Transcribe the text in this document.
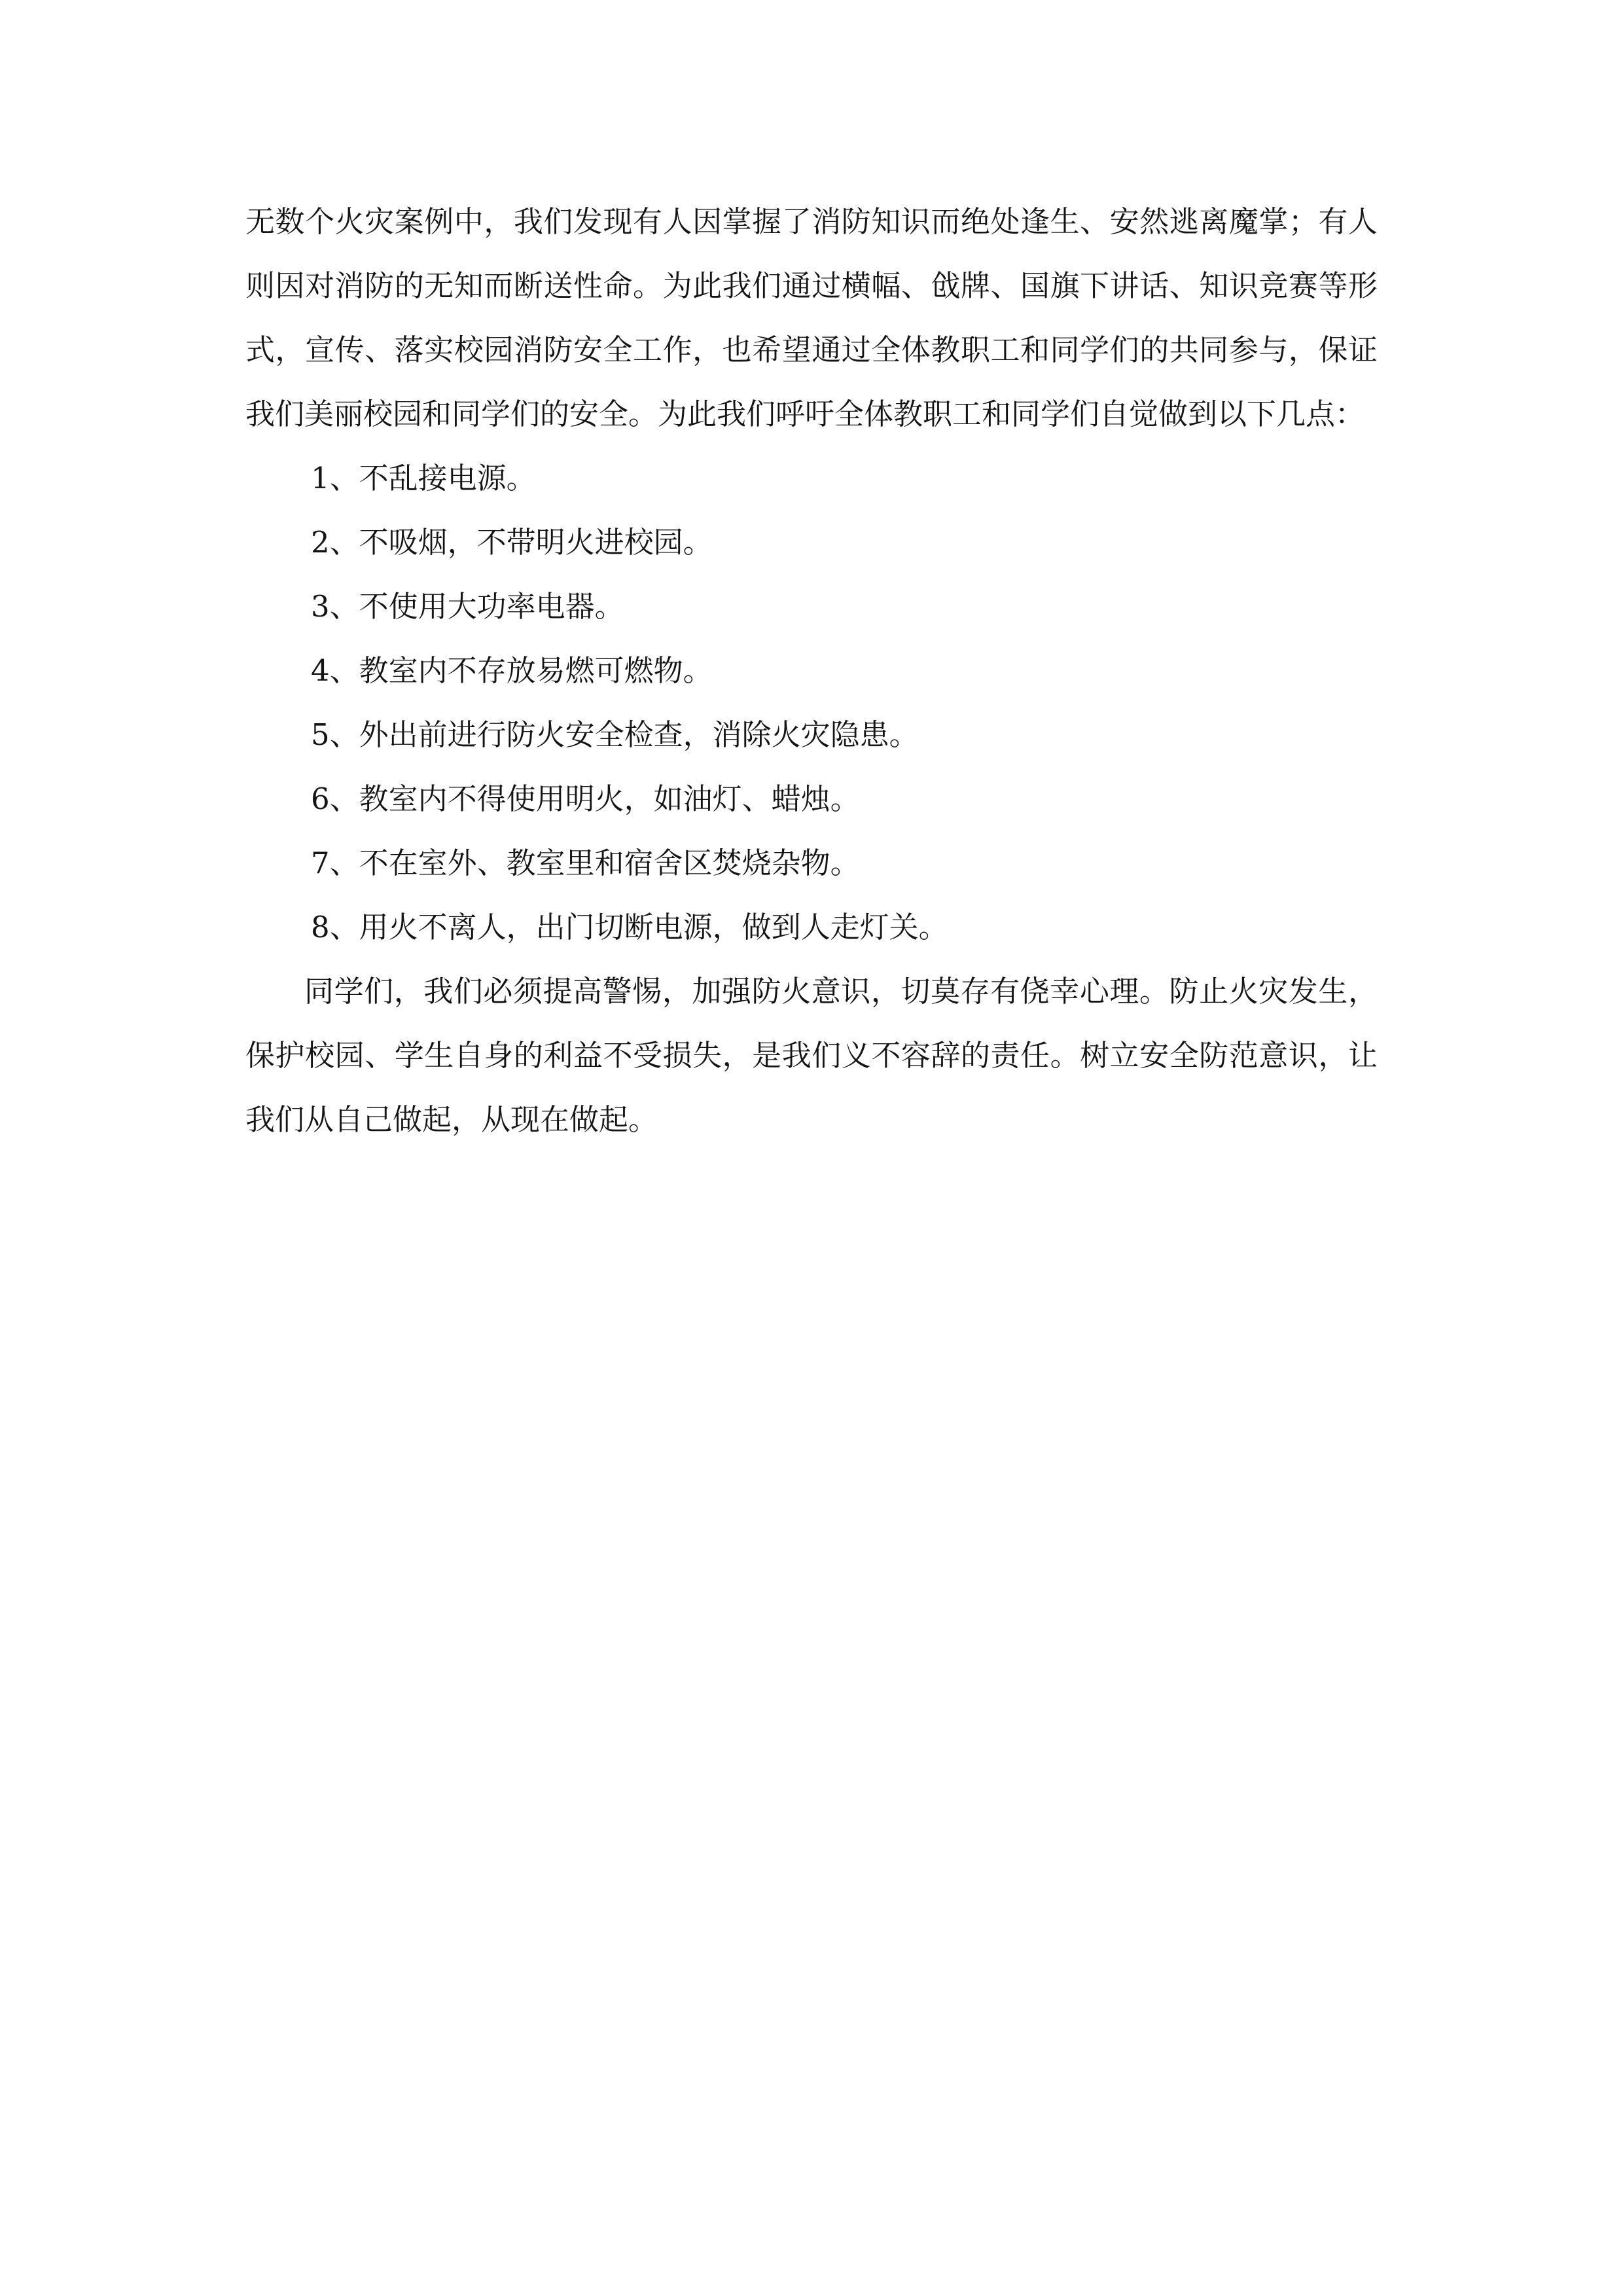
无数个火灾案例中，我们发现有人因掌握了消防知识而绝处逢生、安然逃离魔掌；有人则因对消防的无知而断送性命。为此我们通过横幅、戗牌、国旗下讲话、知识竞赛等形式，宣传、落实校园消防安全工作，也希望通过全体教职工和同学们的共同参与，保证我们美丽校园和同学们的安全。为此我们呼吁全体教职工和同学们自觉做到以下几点：

1、不乱接电源。
2、不吸烟，不带明火进校园。
3、不使用大功率电器。
4、教室内不存放易燃可燃物。
5、外出前进行防火安全检查，消除火灾隐患。
6、教室内不得使用明火，如油灯、蜡烛。
7、不在室外、教室里和宿舍区焚烧杂物。
8、用火不离人，出门切断电源，做到人走灯关。

同学们，我们必须提高警惕，加强防火意识，切莫存有侥幸心理。防止火灾发生，保护校园、学生自身的利益不受损失，是我们义不容辞的责任。树立安全防范意识，让我们从自己做起，从现在做起。
